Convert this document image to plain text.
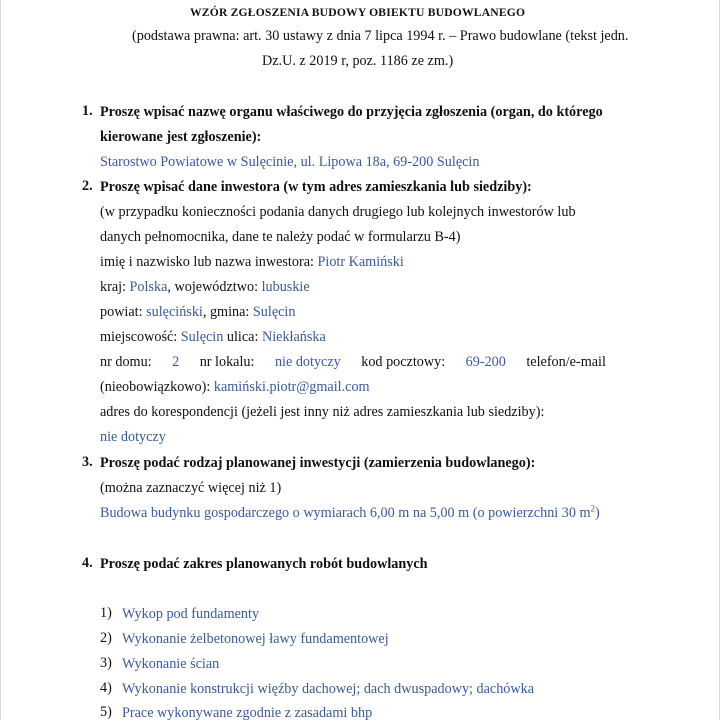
WZÓR ZGŁOSZENIA BUDOWY OBIEKTU BUDOWLANEGO
(podstawa prawna: art. 30 ustawy z dnia 7 lipca 1994 r. – Prawo budowlane (tekst jedn.
Dz.U. z 2019 r, poz. 1186 ze zm.)
1. Proszę wpisać nazwę organu właściwego do przyjęcia zgłoszenia (organ, do którego
kierowane jest zgłoszenie):
Starostwo Powiatowe w Sulęcinie, ul. Lipowa 18a, 69-200 Sulęcin
2. Proszę wpisać dane inwestora (w tym adres zamieszkania lub siedziby):
(w przypadku konieczności podania danych drugiego lub kolejnych inwestorów lub
danych pełnomocnika, dane te należy podać w formularzu B-4)
imię i nazwisko lub nazwa inwestora: Piotr Kamiński
kraj: Polska, województwo: lubuskie
powiat: sulęciński, gmina: Sulęcin
miejscowość: Sulęcin ulica: Niekłańska
nr domu: 2 nr lokalu: nie dotyczy kod pocztowy: 69-200 telefon/e-mail
(nieobowiązkowo): kamiński.piotr@gmail.com
adres do korespondencji (jeżeli jest inny niż adres zamieszkania lub siedziby):
nie dotyczy
3. Proszę podać rodzaj planowanej inwestycji (zamierzenia budowlanego):
(można zaznaczyć więcej niż 1)
Budowa budynku gospodarczego o wymiarach 6,00 m na 5,00 m (o powierzchni 30 $m^2$)
4. Proszę podać zakres planowanych robót budowlanych
1) Wykop pod fundamenty
2) Wykonanie żelbetonowej ławy fundamentowej
3) Wykonanie ścian
4) Wykonanie konstrukcji więźby dachowej; dach dwuspadowy; dachówka
5) Prace wykonywane zgodnie z zasadami bhp
